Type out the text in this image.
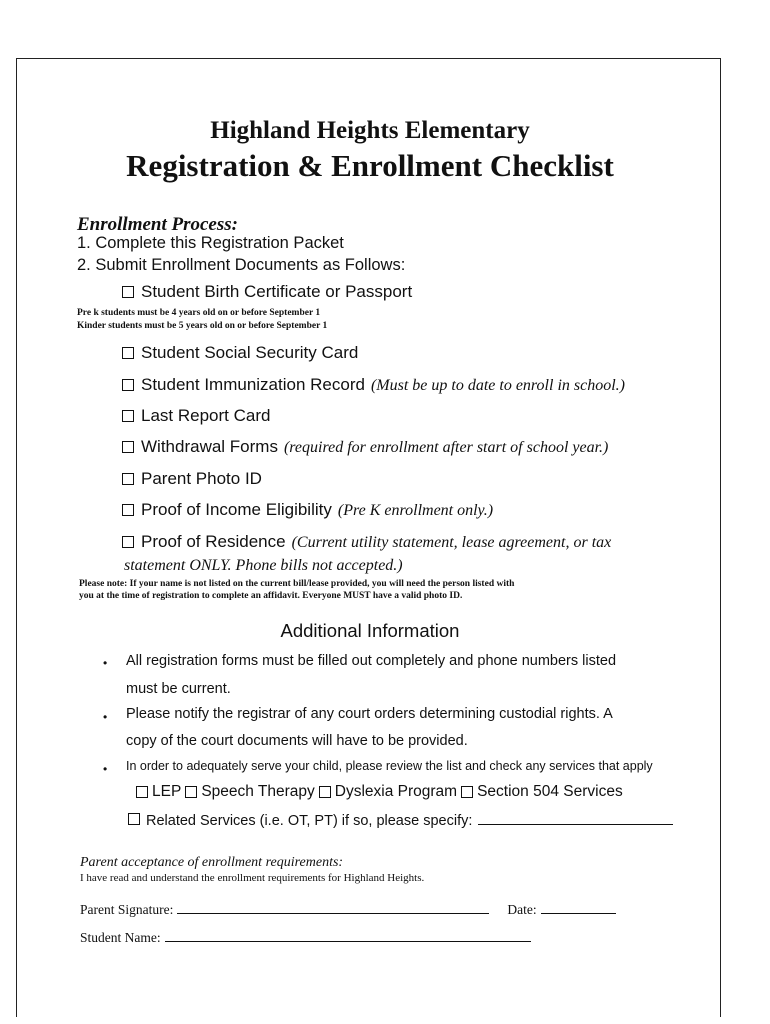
Highland Heights Elementary
Registration & Enrollment Checklist
Enrollment Process:
1. Complete this Registration Packet
2. Submit Enrollment Documents as Follows:
Student Birth Certificate or Passport
Pre k students must be 4 years old on or before September 1
Kinder students must be 5 years old on or before September 1
Student Social Security Card
Student Immunization Record (Must be up to date to enroll in school.)
Last Report Card
Withdrawal Forms (required for enrollment after start of school year.)
Parent Photo ID
Proof of Income Eligibility (Pre K enrollment only.)
Proof of Residence (Current utility statement, lease agreement, or tax
statement ONLY. Phone bills not accepted.)
Please note: If your name is not listed on the current bill/lease provided, you will need the person listed with
you at the time of registration to complete an affidavit. Everyone MUST have a valid photo ID.
Additional Information
• All registration forms must be filled out completely and phone numbers listed
must be current.
• Please notify the registrar of any court orders determining custodial rights. A
copy of the court documents will have to be provided.
• In order to adequately serve your child, please review the list and check any services that apply
LEP Speech Therapy Dyslexia Program Section 504 Services
Related Services (i.e. OT, PT) if so, please specify:
Parent acceptance of enrollment requirements:
I have read and understand the enrollment requirements for Highland Heights.
Parent Signature:	Date:
Student Name:
